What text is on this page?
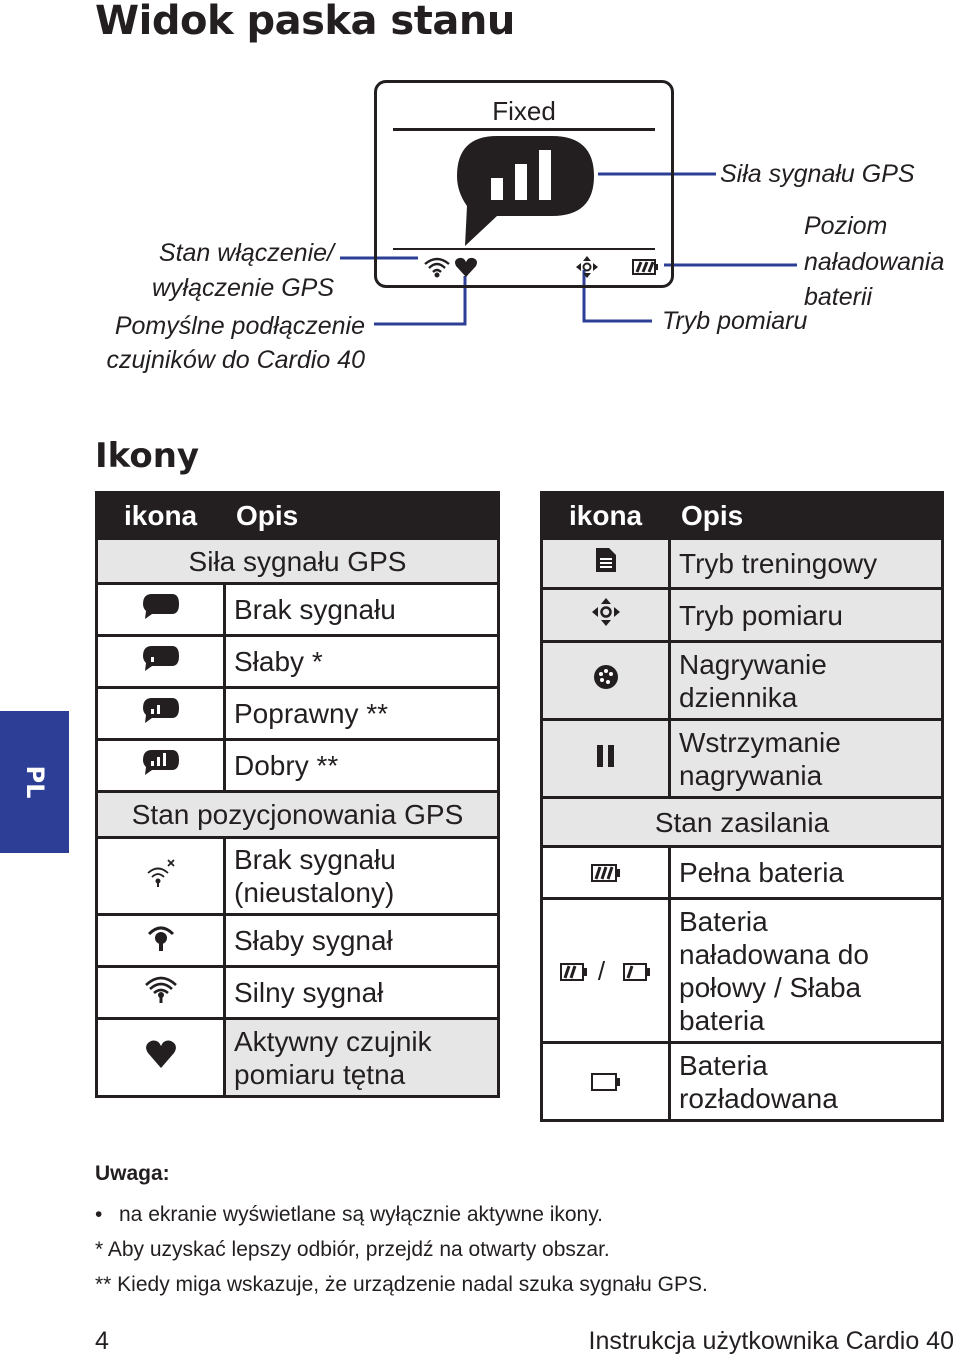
Widok paska stanu
PL
Fixed
Siła sygnału GPS
Poziom
naładowania
baterii
Tryb pomiaru
Stan włączenie/
wyłączenie GPS
Pomyślne podłączenie
czujników do Cardio 40
Ikony
ikona	Opis
Siła sygnału GPS	
	Brak sygnału
	Słaby *
	Poprawny **
	Dobry **
Stan pozycjonowania GPS	

Brak sygnału
(nieustalony)

	Słaby sygnał
	Silny sygnał

Aktywny czujnik
pomiaru tętna
ikona	Opis
	Tryb treningowy
	Tryb pomiaru

Nagrywanie
dziennika

Wstrzymanie
nagrywania

Stan zasilania	
	Pełna bateria
/	Bateria
naładowana do
połowy / Słaba
bateria

Bateria
rozładowana
Uwaga:
• na ekranie wyświetlane są wyłącznie aktywne ikony.
* Aby uzyskać lepszy odbiór, przejdź na otwarty obszar.
** Kiedy miga wskazuje, że urządzenie nadal szuka sygnału GPS.
4	Instrukcja użytkownika Cardio 40
